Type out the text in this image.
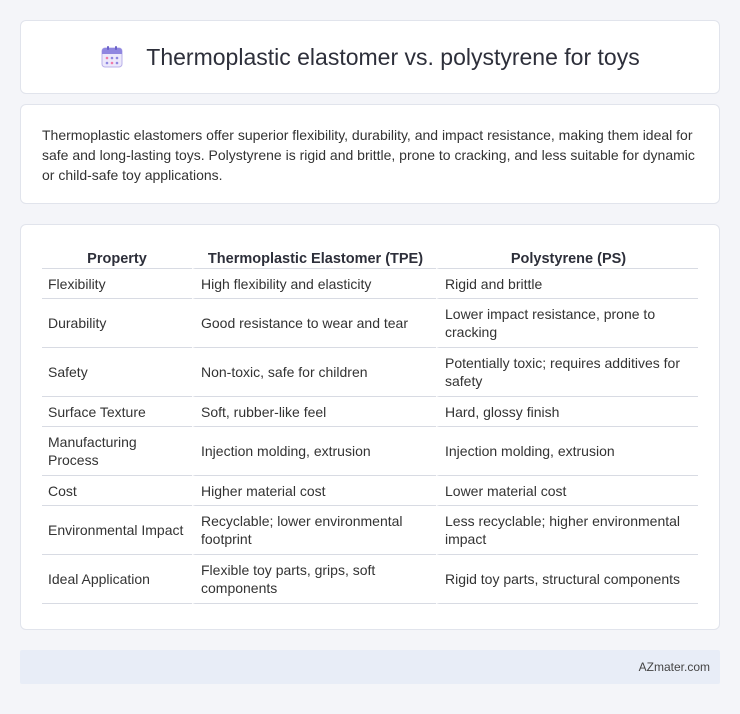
Thermoplastic elastomer vs. polystyrene for toys

Thermoplastic elastomers offer superior flexibility, durability, and impact resistance, making them ideal for safe and long-lasting toys. Polystyrene is rigid and brittle, prone to cracking, and less suitable for dynamic or child-safe toy applications.

Property	Thermoplastic Elastomer (TPE)	Polystyrene (PS)
Flexibility	High flexibility and elasticity	Rigid and brittle
Durability	Good resistance to wear and tear	Lower impact resistance, prone to cracking
Safety	Non-toxic, safe for children	Potentially toxic; requires additives for safety
Surface Texture	Soft, rubber-like feel	Hard, glossy finish
Manufacturing Process	Injection molding, extrusion	Injection molding, extrusion
Cost	Higher material cost	Lower material cost
Environmental Impact	Recyclable; lower environmental footprint	Less recyclable; higher environmental impact
Ideal Application	Flexible toy parts, grips, soft components	Rigid toy parts, structural components
AZmater.com
